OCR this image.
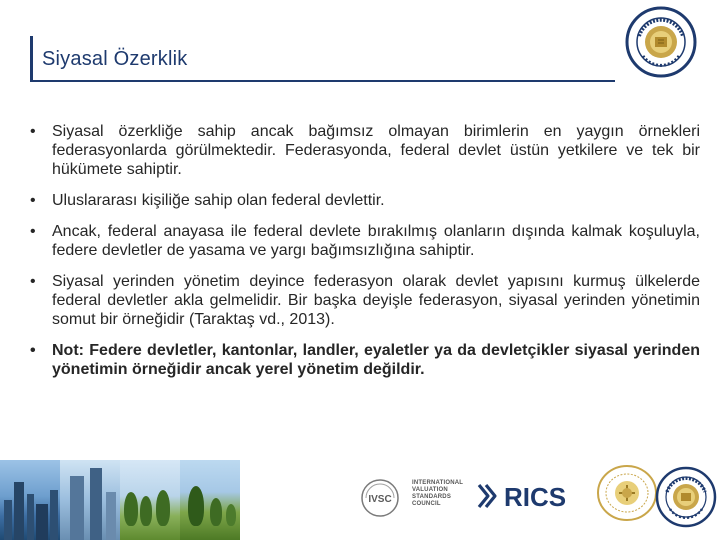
Siyasal Özerklik
• Siyasal özerkliğe sahip ancak bağımsız olmayan birimlerin en yaygın örnekleri federasyonlarda görülmektedir. Federasyonda, federal devlet üstün yetkilere ve tek bir hükümete sahiptir.
• Uluslararası kişiliğe sahip olan federal devlettir.
• Ancak, federal anayasa ile federal devlete bırakılmış olanların dışında kalmak koşuluyla, federe devletler de yasama ve yargı bağımsızlığına sahiptir.
• Siyasal yerinden yönetim deyince federasyon olarak devlet yapısını kurmuş ülkelerde federal devletler akla gelmelidir. Bir başka deyişle federasyon, siyasal yerinden yönetimin somut bir örneğidir (Taraktaş vd., 2013).
• Not: Federe devletler, kantonlar, landler, eyaletler ya da devletçikler siyasal yerinden yönetimin örneğidir ancak yerel yönetim değildir.
IVSC
INTERNATIONAL VALUATION STANDARDS COUNCIL	RICS
